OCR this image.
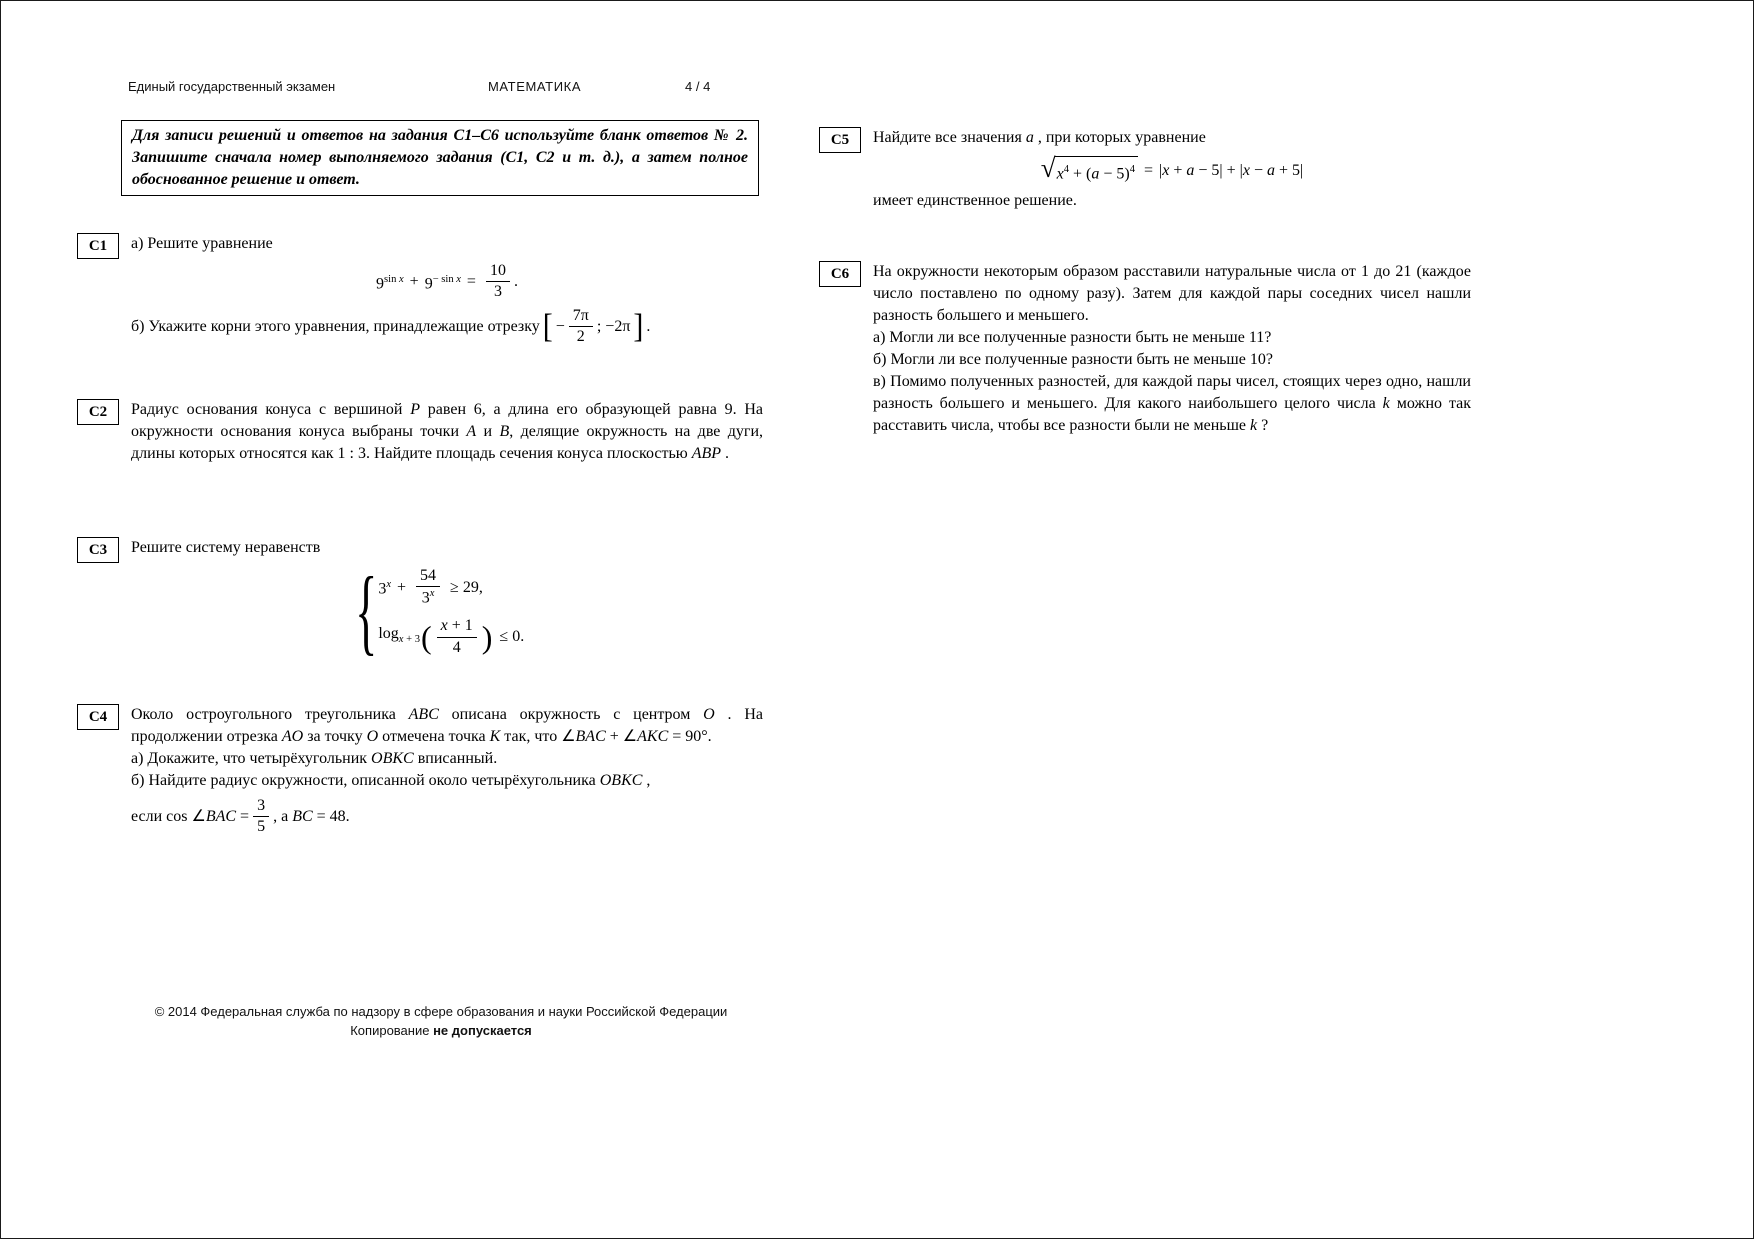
Единый государственный экзамен	МАТЕМАТИКА	4 / 4
Для записи решений и ответов на задания C1–C6 используйте бланк ответов № 2. Запишите сначала номер выполняемого задания (C1, C2 и т. д.), а затем полное обоснованное решение и ответ.
C1	а) Решите уравнение
$9^{sin x} + 9^{- sin x} = \frac{10}{3}$ .
б) Укажите корни этого уравнения, принадлежащие отрезку [ − $\frac{7\pi}{2}$ ; −2π ] .
C2	Радиус основания конуса с вершиной P равен 6, а длина его образующей равна 9. На окружности основания конуса выбраны точки A и B, делящие окружность на две дуги, длины которых относятся как 1 : 3. Найдите площадь сечения конуса плоскостью ABP .
C3	Решите систему неравенств
{ $3^x + \frac{54}{3^x} \ge 29$,
$\log_{x + 3}$ ( $\frac{x + 1}{4}$ ) ≤ 0.
C4	Около остроугольного треугольника ABC описана окружность с центром O . На продолжении отрезка AO за точку O отмечена точка K так, что ∠BAC + ∠AKC = 90°.
а) Докажите, что четырёхугольник OBKC вписанный.
б) Найдите радиус окружности, описанной около четырёхугольника OBKC ,
если cos ∠BAC = $\frac{3}{5}$ , а BC = 48.
C5	Найдите все значения a , при которых уравнение
√ $x^4 + (a - 5)^4 = |x + a - 5| + |x - a + 5|$
имеет единственное решение.
C6	На окружности некоторым образом расставили натуральные числа от 1 до 21 (каждое число поставлено по одному разу). Затем для каждой пары соседних чисел нашли разность большего и меньшего.
а) Могли ли все полученные разности быть не меньше 11?
б) Могли ли все полученные разности быть не меньше 10?
в) Помимо полученных разностей, для каждой пары чисел, стоящих через одно, нашли разность большего и меньшего. Для какого наибольшего целого числа k можно так расставить числа, чтобы все разности были не меньше k ?
© 2014 Федеральная служба по надзору в сфере образования и науки Российской Федерации
Копирование не допускается
